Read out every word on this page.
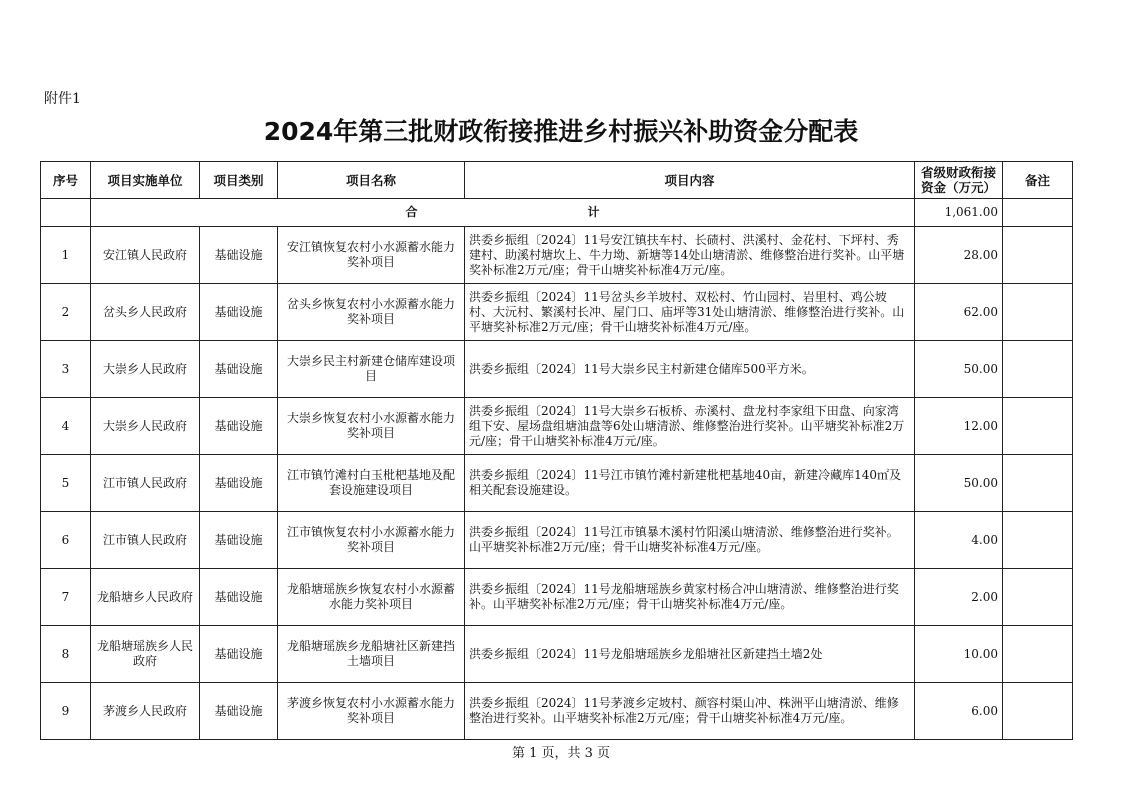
附件1
2024年第三批财政衔接推进乡村振兴补助资金分配表
序号	项目实施单位	项目类别	项目名称	项目内容	省级财政衔接资金（万元）	备注
	合 计				1,061.00	
1	安江镇人民政府	基础设施	安江镇恢复农村小水源蓄水能力奖补项目	洪委乡振组〔2024〕11号安江镇扶车村、长碛村、洪溪村、金花村、下坪村、秀建村、助溪村塘坎上、牛力坳、新塘等14处山塘清淤、维修整治进行奖补。山平塘奖补标准2万元/座；骨干山塘奖补标准4万元/座。	28.00	
2	岔头乡人民政府	基础设施	岔头乡恢复农村小水源蓄水能力奖补项目	洪委乡振组〔2024〕11号岔头乡羊坡村、双松村、竹山园村、岩里村、鸡公坡村、大沅村、繁溪村长冲、屋门口、庙坪等31处山塘清淤、维修整治进行奖补。山平塘奖补标准2万元/座；骨干山塘奖补标准4万元/座。	62.00	
3	大崇乡人民政府	基础设施	大崇乡民主村新建仓储库建设项目	洪委乡振组〔2024〕11号大崇乡民主村新建仓储库500平方米。	50.00	
4	大崇乡人民政府	基础设施	大崇乡恢复农村小水源蓄水能力奖补项目	洪委乡振组〔2024〕11号大崇乡石板桥、赤溪村、盘龙村李家组下田盘、向家湾组下安、屋场盘组塘油盘等6处山塘清淤、维修整治进行奖补。山平塘奖补标准2万元/座；骨干山塘奖补标准4万元/座。	12.00	
5	江市镇人民政府	基础设施	江市镇竹滩村白玉枇杷基地及配套设施建设项目	洪委乡振组〔2024〕11号江市镇竹滩村新建枇杷基地40亩，新建冷藏库140㎡及相关配套设施建设。	50.00	
6	江市镇人民政府	基础设施	江市镇恢复农村小水源蓄水能力奖补项目	洪委乡振组〔2024〕11号江市镇暴木溪村竹阳溪山塘清淤、维修整治进行奖补。山平塘奖补标准2万元/座；骨干山塘奖补标准4万元/座。	4.00	
7	龙船塘乡人民政府	基础设施	龙船塘瑶族乡恢复农村小水源蓄水能力奖补项目	洪委乡振组〔2024〕11号龙船塘瑶族乡黄家村杨合冲山塘清淤、维修整治进行奖补。山平塘奖补标准2万元/座；骨干山塘奖补标准4万元/座。	2.00	
8	龙船塘瑶族乡人民政府	基础设施	龙船塘瑶族乡龙船塘社区新建挡土墙项目	洪委乡振组〔2024〕11号龙船塘瑶族乡龙船塘社区新建挡土墙2处	10.00	
9	茅渡乡人民政府	基础设施	茅渡乡恢复农村小水源蓄水能力奖补项目	洪委乡振组〔2024〕11号茅渡乡定坡村、颜容村渠山冲、株洲平山塘清淤、维修整治进行奖补。山平塘奖补标准2万元/座；骨干山塘奖补标准4万元/座。	6.00	
第 1 页，共 3 页
